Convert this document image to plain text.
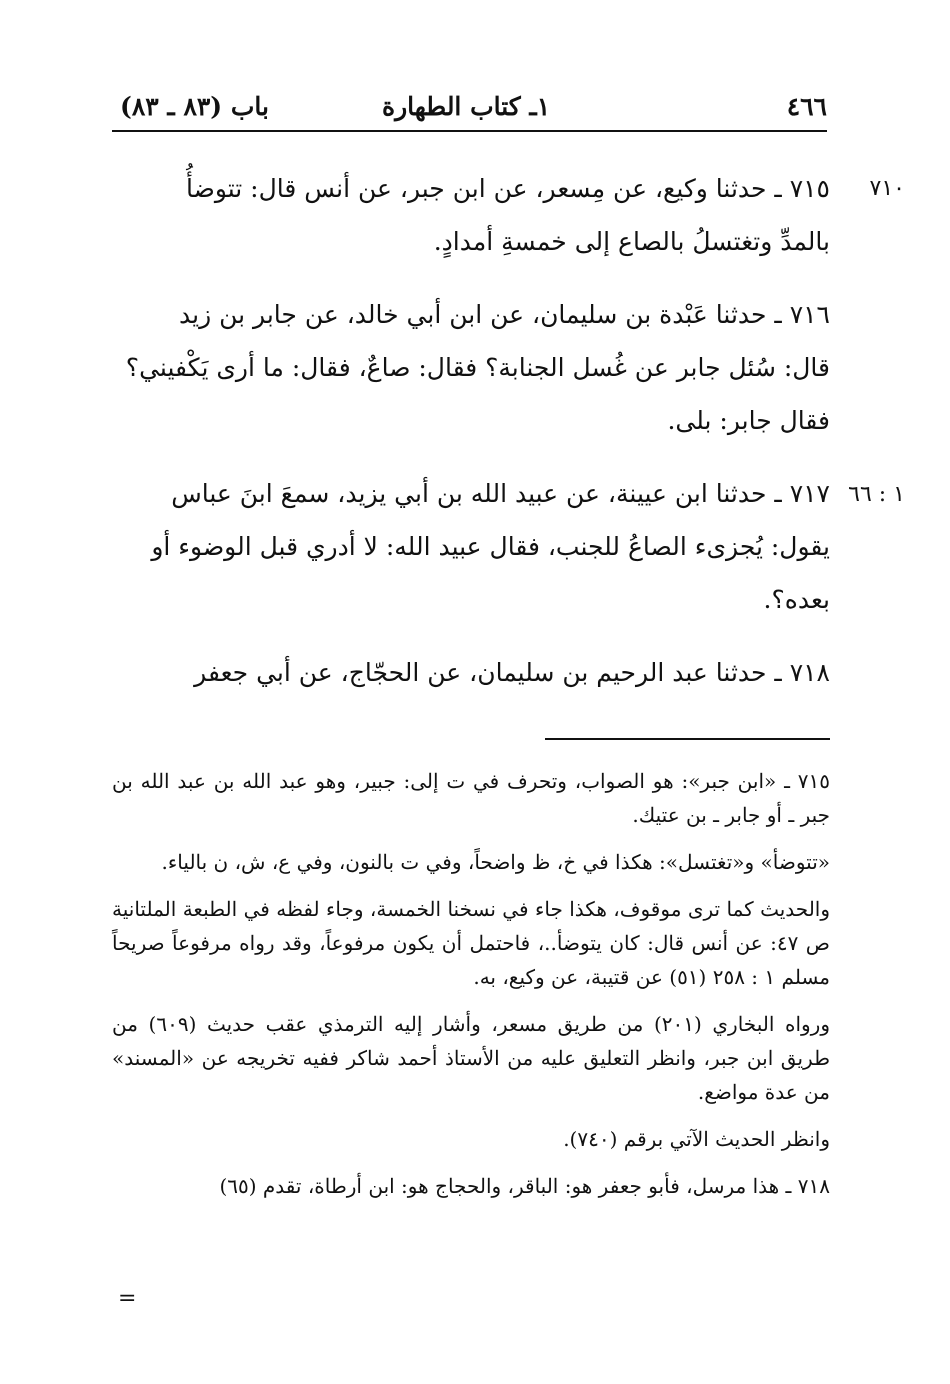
باب (٨٣ ـ ٨٣)	١ـ كتاب الطهارة	٤٦٦
٧١٠
١ : ٦٦

٧١٥ ـ حدثنا وكيع، عن مِسعر، عن ابن جبر، عن أنس قال: تتوضأُ

بالمدِّ وتغتسلُ بالصاع إلى خمسةِ أمدادٍ.

٧١٦ ـ حدثنا عَبْدة بن سليمان، عن ابن أبي خالد، عن جابر بن زيد

قال: سُئل جابر عن غُسل الجنابة؟ فقال: صاعٌ، فقال: ما أرى يَكْفيني؟

فقال جابر: بلى.

٧١٧ ـ حدثنا ابن عيينة، عن عبيد الله بن أبي يزيد، سمعَ ابنَ عباس

يقول: يُجزىء الصاعُ للجنب، فقال عبيد الله: لا أدري قبل الوضوء أو

بعده؟.

٧١٨ ـ حدثنا عبد الرحيم بن سليمان، عن الحجّاج، عن أبي جعفر

٧١٥ ـ «ابن جبر»: هو الصواب، وتحرف في ت إلى: جبير، وهو عبد الله بن عبد الله بن جبر ـ أو جابر ـ بن عتيك.

«تتوضأ» و«تغتسل»: هكذا في خ، ظ واضحاً، وفي ت بالنون، وفي ع، ش، ن بالياء.

والحديث كما ترى موقوف، هكذا جاء في نسخنا الخمسة، وجاء لفظه في الطبعة الملتانية ص ٤٧: عن أنس قال: كان يتوضأ..، فاحتمل أن يكون مرفوعاً، وقد رواه مرفوعاً صريحاً مسلم ١ : ٢٥٨ (٥١) عن قتيبة، عن وكيع، به.

ورواه البخاري (٢٠١) من طريق مسعر، وأشار إليه الترمذي عقب حديث (٦٠٩) من طريق ابن جبر، وانظر التعليق عليه من الأستاذ أحمد شاكر ففيه تخريجه عن «المسند» من عدة مواضع.

وانظر الحديث الآتي برقم (٧٤٠).

٧١٨ ـ هذا مرسل، فأبو جعفر هو: الباقر، والحجاج هو: ابن أرطاة، تقدم (٦٥)

=
